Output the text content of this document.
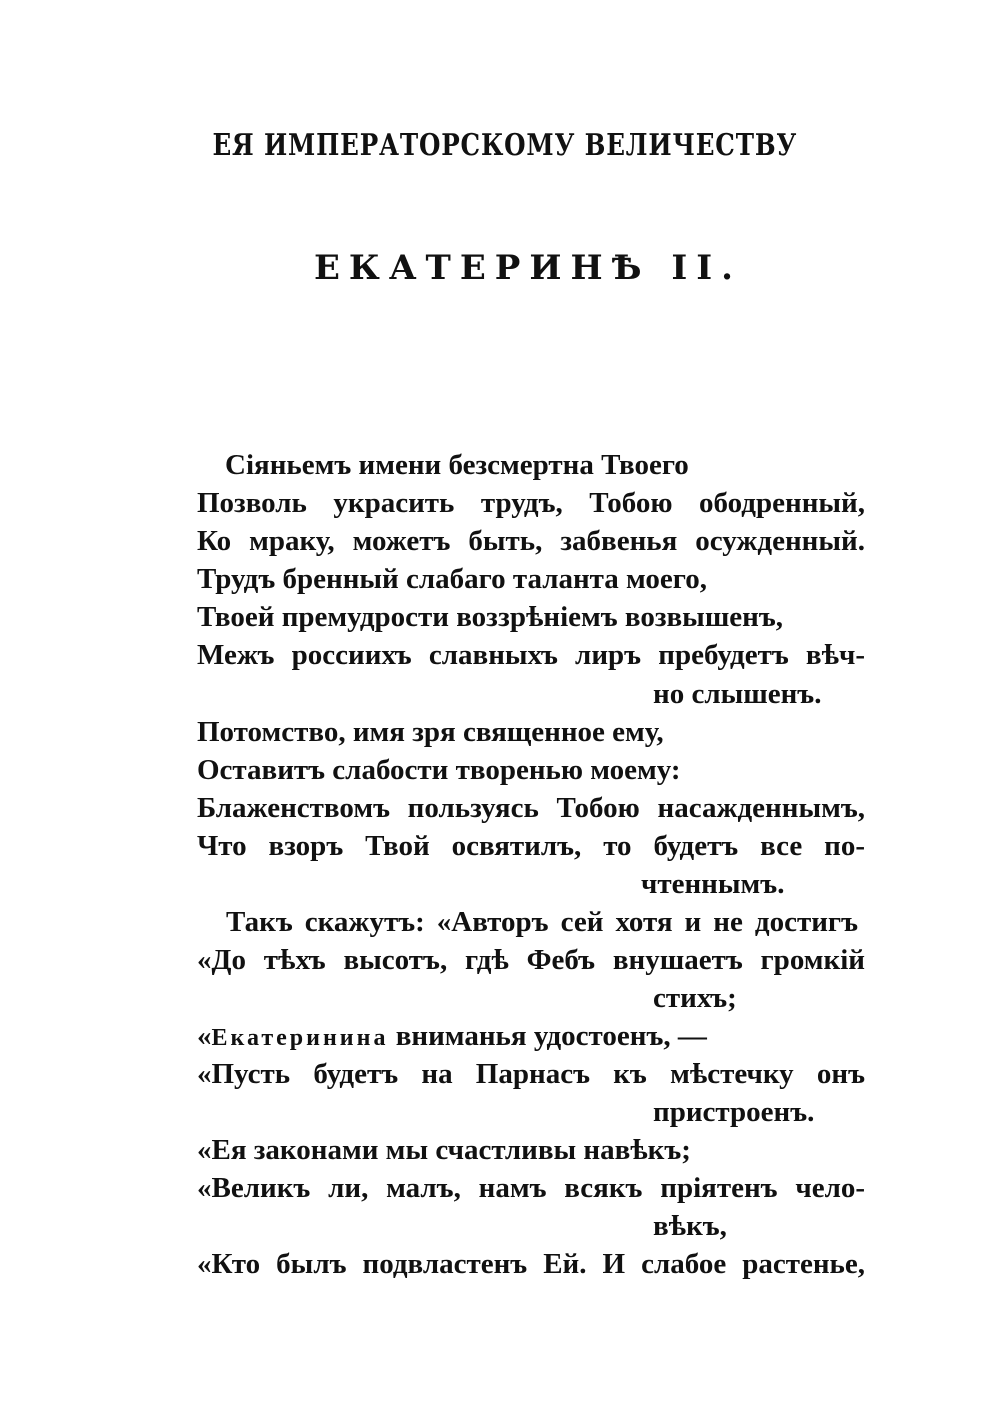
ЕЯ ИМПЕРАТОРСКОМУ ВЕЛИЧЕСТВУ
ЕКАТЕРИНѢ II.
Сіяньемъ имени безсмертна Твоего
Позволь украсить трудъ, Тобою ободренный,
Ко мраку, можетъ быть, забвенья осужденный.
Трудъ бренный слабаго таланта моего,
Твоей премудрости воззрѣніемъ возвышенъ,
Межъ россиихъ славныхъ лиръ пребудетъ вѣч-
но слышенъ.
Потомство, имя зря священное ему,
Оставитъ слабости творенью моему:
Блаженствомъ пользуясь Тобою насажденнымъ,
Что взоръ Твой освятилъ, то будетъ все по-
чтеннымъ.
Такъ скажутъ: «Авторъ сей хотя и не достигъ
«До тѣхъ высотъ, гдѣ Фебъ внушаетъ громкій
стихъ;
«Екатеринина вниманья удостоенъ, —
«Пусть будетъ на Парнасъ къ мѣстечку онъ
пристроенъ.
«Ея законами мы счастливы навѣкъ;
«Великъ ли, малъ, намъ всякъ пріятенъ чело-
вѣкъ,
«Кто былъ подвластенъ Ей. И слабое растенье,
